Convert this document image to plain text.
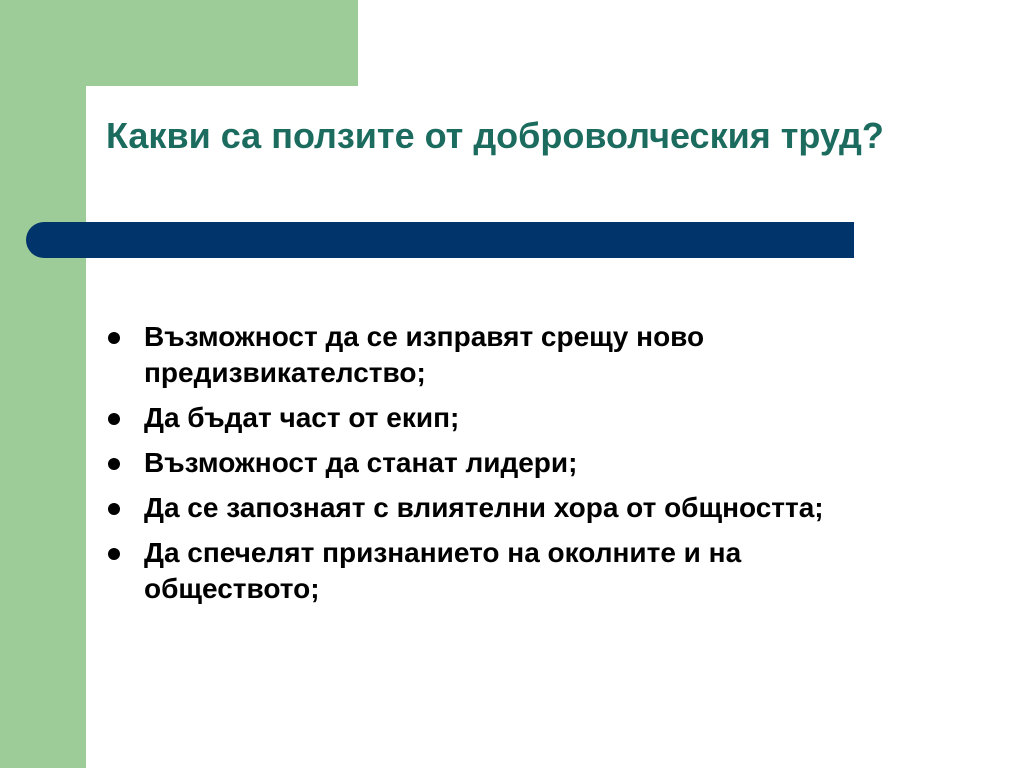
Какви са ползите от доброволческия труд?
Възможност да се изправят срещу ново предизвикателство;
Да бъдат част от екип;
Възможност да станат лидери;
Да се запознаят с влиятелни хора от общността;
Да спечелят признанието на околните и на обществото;
